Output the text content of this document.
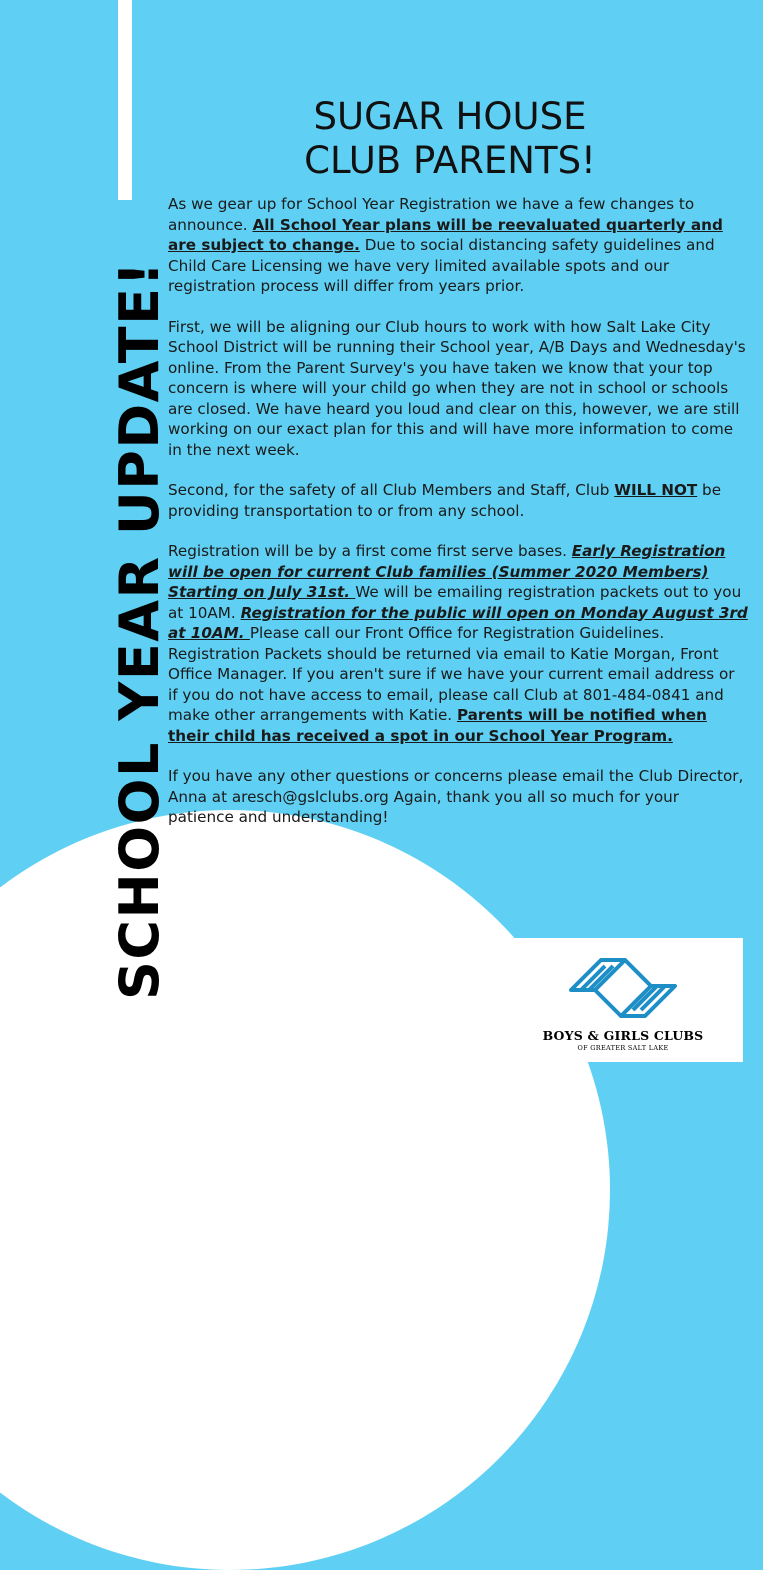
SCHOOL YEAR UPDATE!
SUGAR HOUSE
CLUB PARENTS!

As we gear up for School Year Registration we have a few changes to announce. All School Year plans will be reevaluated quarterly and are subject to change. Due to social distancing safety guidelines and Child Care Licensing we have very limited available spots and our registration process will differ from years prior.

First, we will be aligning our Club hours to work with how Salt Lake City School District will be running their School year, A/B Days and Wednesday's online. From the Parent Survey's you have taken we know that your top concern is where will your child go when they are not in school or schools are closed. We have heard you loud and clear on this, however, we are still working on our exact plan for this and will have more information to come in the next week.

Second, for the safety of all Club Members and Staff, Club WILL NOT be providing transportation to or from any school.

Registration will be by a first come first serve bases. Early Registration will be open for current Club families (Summer 2020 Members) Starting on July 31st. We will be emailing registration packets out to you at 10AM. Registration for the public will open on Monday August 3rd at 10AM. Please call our Front Office for Registration Guidelines. Registration Packets should be returned via email to Katie Morgan, Front Office Manager. If you aren't sure if we have your current email address or if you do not have access to email, please call Club at 801-484-0841 and make other arrangements with Katie. Parents will be notified when their child has received a spot in our School Year Program.

If you have any other questions or concerns please email the Club Director, Anna at aresch@gslclubs.org Again, thank you all so much for your patience and understanding!

BOYS & GIRLS CLUBS
OF GREATER SALT LAKE
